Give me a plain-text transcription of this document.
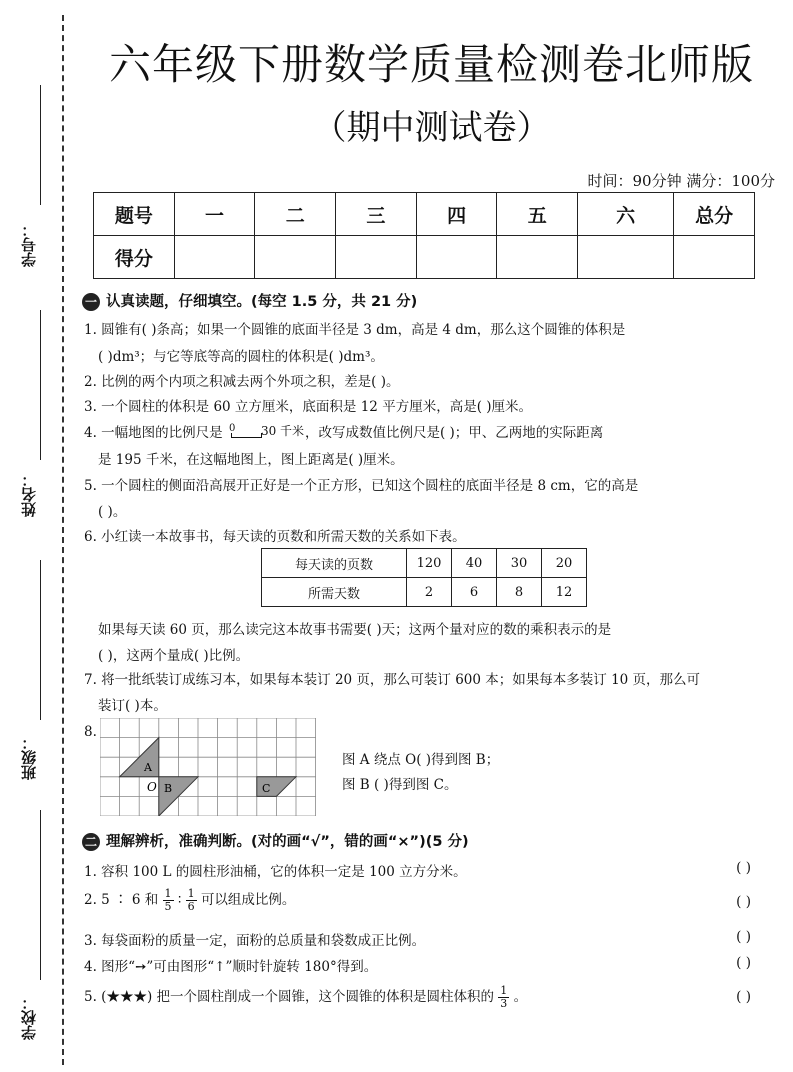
学号：
姓名：
班级：
学校：
六年级下册数学质量检测卷北师版
（期中测试卷）
时间：90分钟 满分：100分
题号	一	二	三	四	五	六	总分
得分							
一 认真读题，仔细填空。(每空 1.5 分，共 21 分)
1. 圆锥有( )条高；如果一个圆锥的底面半径是 3 dm，高是 4 dm，那么这个圆锥的体积是
( )dm³；与它等底等高的圆柱的体积是( )dm³。
2. 比例的两个内项之积减去两个外项之积，差是( )。
3. 一个圆柱的体积是 60 立方厘米，底面积是 12 平方厘米，高是( )厘米。
4. 一幅地图的比例尺是 0 30 千米 ，改写成数值比例尺是( )；甲、乙两地的实际距离
是 195 千米，在这幅地图上，图上距离是( )厘米。
5. 一个圆柱的侧面沿高展开正好是一个正方形，已知这个圆柱的底面半径是 8 cm，它的高是
( )。
6. 小红读一本故事书，每天读的页数和所需天数的关系如下表。
每天读的页数	120	40	30	20
所需天数	2	6	8	12
如果每天读 60 页，那么读完这本故事书需要( )天；这两个量对应的数的乘积表示的是
( )，这两个量成( )比例。
7. 将一批纸装订成练习本，如果每本装订 20 页，那么可装订 600 本；如果每本多装订 10 页，那么可
装订( )本。
8.
A
B	C
O
图 A 绕点 O( )得到图 B；
图 B ( )得到图 C。
二 理解辨析，准确判断。(对的画“√”，错的画“×”)(5 分)
1. 容积 100 L 的圆柱形油桶，它的体积一定是 100 立方分米。	( )
2. 5 ∶ 6 和 $\frac{1}{5}$ ∶ $\frac{1}{6}$ 可以组成比例。	( )
3. 每袋面粉的质量一定，面粉的总质量和袋数成正比例。	( )
4. 图形“➙”可由图形“↑”顺时针旋转 180°得到。	( )
5. (★★★) 把一个圆柱削成一个圆锥，这个圆锥的体积是圆柱体积的 $\frac{1}{3}$ 。	( )
